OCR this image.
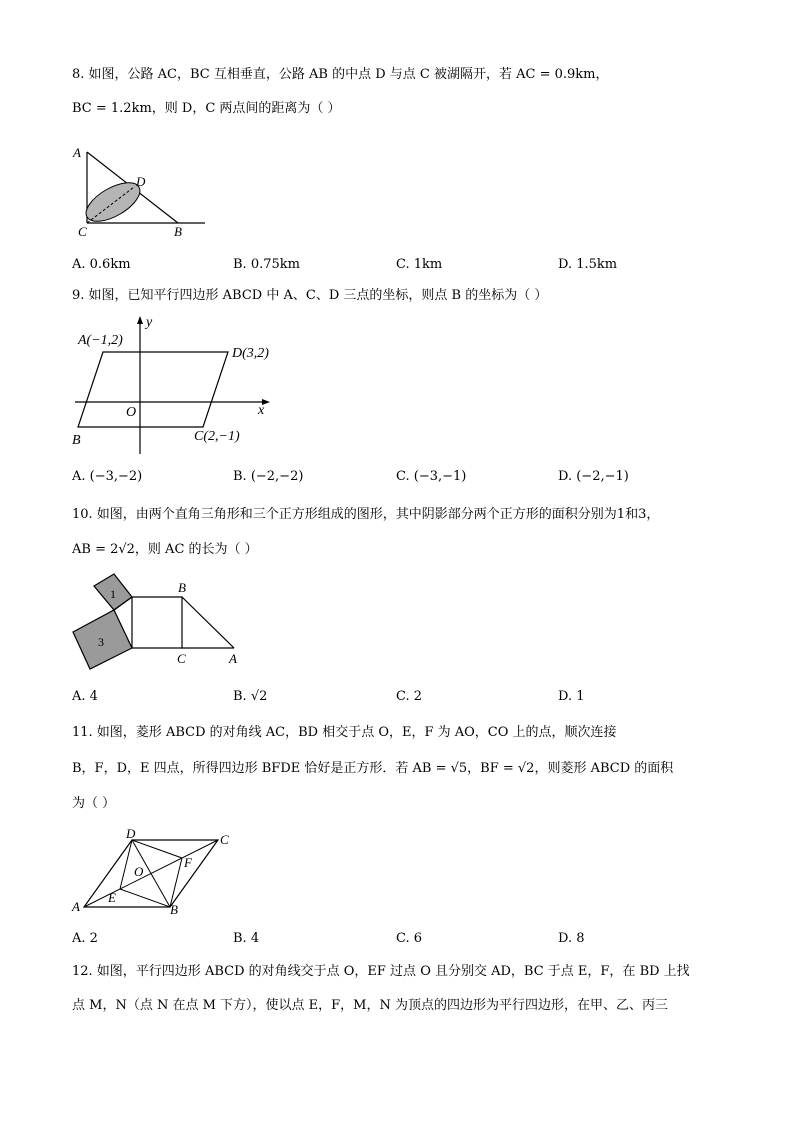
8. 如图，公路 AC，BC 互相垂直，公路 AB 的中点 D 与点 C 被湖隔开，若 AC = 0.9km，
BC = 1.2km，则 D，C 两点间的距离为（ ）
A
D
C	B
A. 0.6km	B. 0.75km	C. 1km	D. 1.5km
9. 如图，已知平行四边形 ABCD 中 A、C、D 三点的坐标，则点 B 的坐标为（ ）
A(−1,2)
D(3,2)
C(2,−1)
B
O	x
y
A. (−3,−2)	B. (−2,−2)	C. (−3,−1)	D. (−2,−1)
10. 如图，由两个直角三角形和三个正方形组成的图形，其中阴影部分两个正方形的面积分别为1和3，
AB = 2√2，则 AC 的长为（ ）
1
3
B
C	A
A. 4	B. √2	C. 2	D. 1
11. 如图，菱形 ABCD 的对角线 AC，BD 相交于点 O，E，F 为 AO，CO 上的点，顺次连接
B，F，D，E 四点，所得四边形 BFDE 恰好是正方形．若 AB = √5，BF = √2，则菱形 ABCD 的面积
为（ ）
D	C
A	B
E
F
O
A. 2	B. 4	C. 6	D. 8
12. 如图，平行四边形 ABCD 的对角线交于点 O，EF 过点 O 且分别交 AD，BC 于点 E，F，在 BD 上找
点 M，N（点 N 在点 M 下方），使以点 E，F，M，N 为顶点的四边形为平行四边形，在甲、乙、丙三
